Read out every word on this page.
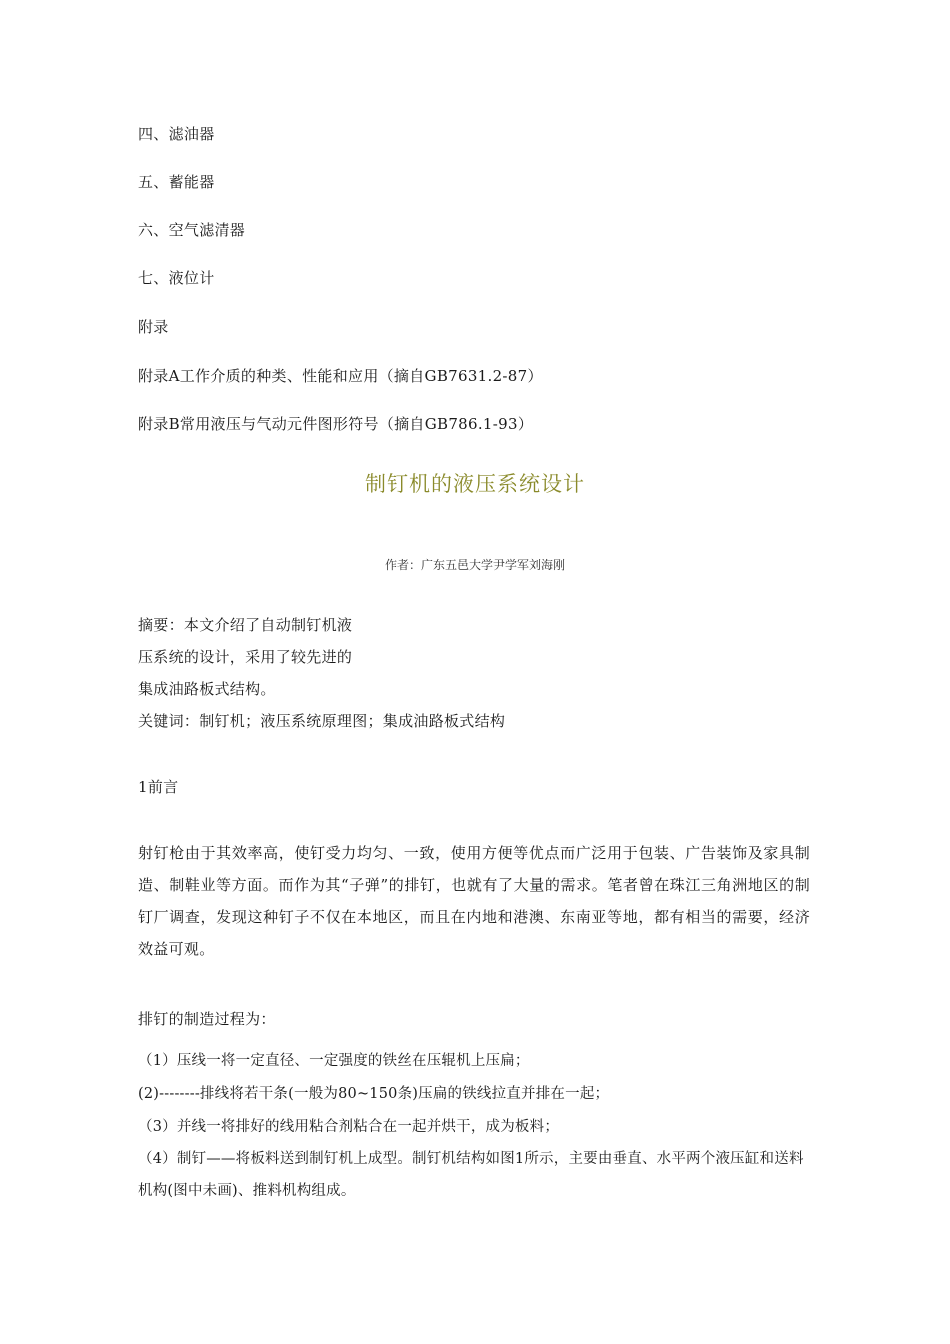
四、滤油器
五、蓄能器
六、空气滤清器
七、液位计
附录
附录A工作介质的种类、性能和应用（摘自GB7631.2-87）
附录B常用液压与气动元件图形符号（摘自GB786.1-93）
制钉机的液压系统设计
作者：广东五邑大学尹学军刘海刚
摘要：本文介绍了自动制钉机液
压系统的设计，采用了较先进的
集成油路板式结构。
关键词：制钉机；液压系统原理图；集成油路板式结构
1前言
射钉枪由于其效率高，使钉受力均匀、一致，使用方便等优点而广泛用于包装、广告装饰及家具制造、制鞋业等方面。而作为其“子弹”的排钉，也就有了大量的需求。笔者曾在珠江三角洲地区的制钉厂调查，发现这种钉子不仅在本地区，而且在内地和港澳、东南亚等地，都有相当的需要，经济效益可观。
排钉的制造过程为：
（1）压线一将一定直径、一定强度的铁丝在压辊机上压扁；
(2)--------排线将若干条(一般为80~150条)压扁的铁线拉直并排在一起；
（3）并线一将排好的线用粘合剂粘合在一起并烘干，成为板料；
（4）制钉——将板料送到制钉机上成型。制钉机结构如图1所示，主要由垂直、水平两个液压缸和送料机构(图中未画)、推料机构组成。
